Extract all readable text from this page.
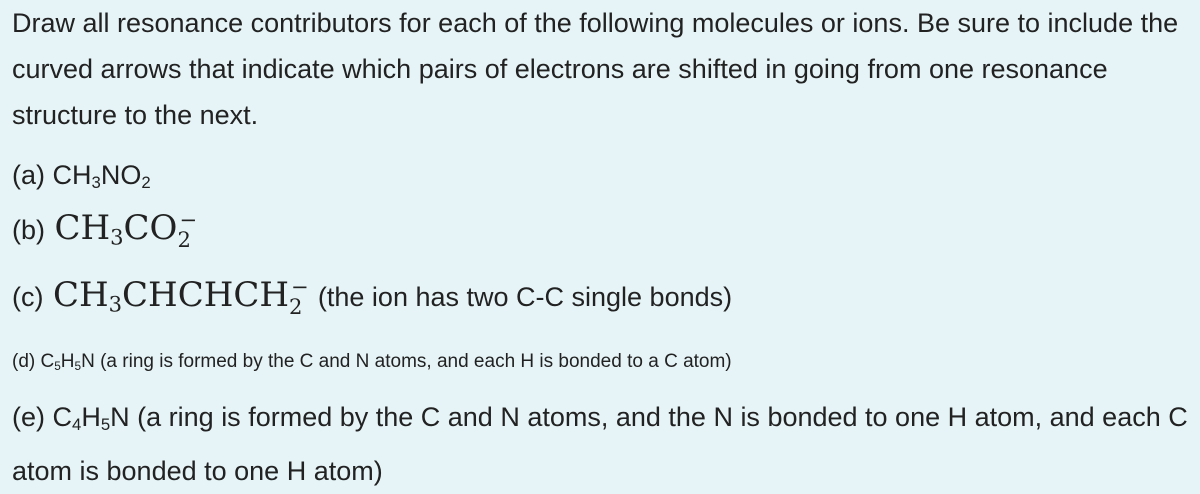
Draw all resonance contributors for each of the following molecules or ions. Be sure to include the curved arrows that indicate which pairs of electrons are shifted in going from one resonance structure to the next.
(a) $CH_3NO_2$
(b) $CH_3CO$ 2
−
(c) $CH_3CHCHCH$ 2
− (the ion has two C-C single bonds)
(d) $C_5H_5N$ (a ring is formed by the C and N atoms, and each H is bonded to a C atom)
(e) $C_4H_5N$ (a ring is formed by the C and N atoms, and the N is bonded to one H atom, and each C atom is bonded to one H atom)
